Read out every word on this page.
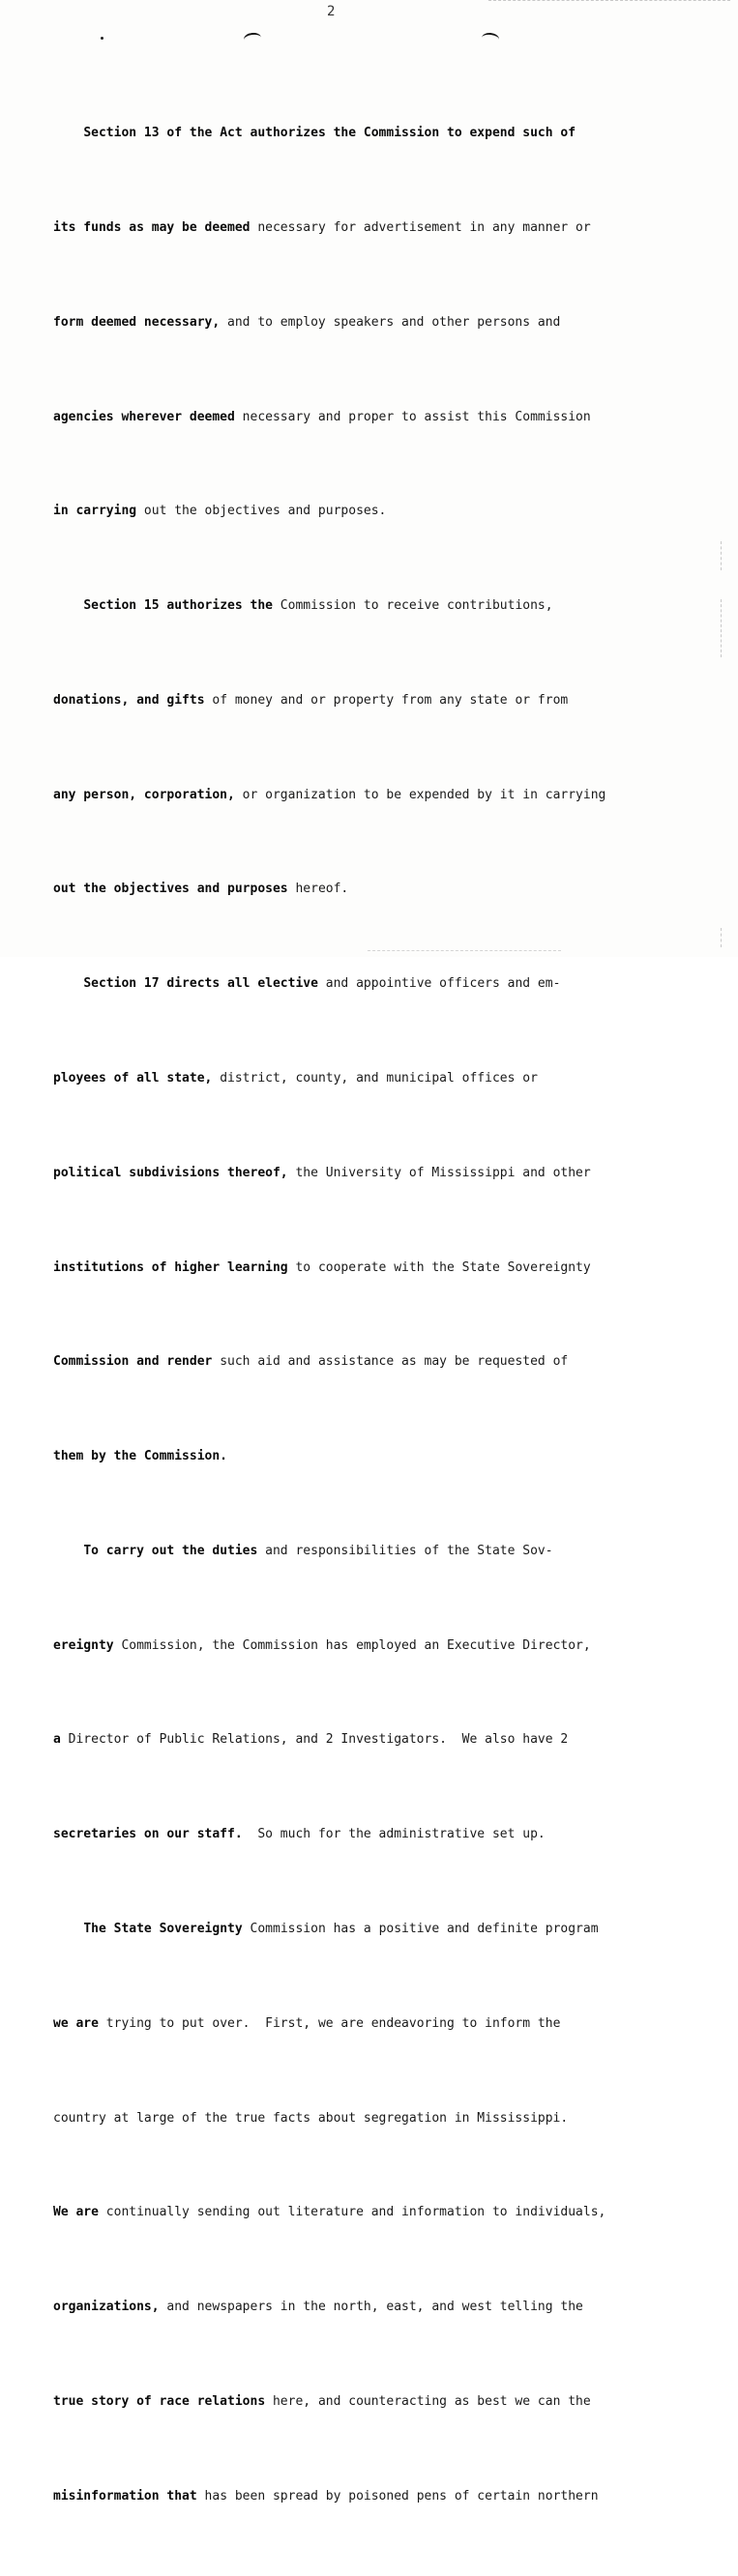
2

Section 13 of the Act authorizes the Commission to expend such of

its funds as may be deemed necessary for advertisement in any manner or

form deemed necessary, and to employ speakers and other persons and

agencies wherever deemed necessary and proper to assist this Commission

in carrying out the objectives and purposes.

Section 15 authorizes the Commission to receive contributions,

donations, and gifts of money and or property from any state or from

any person, corporation, or organization to be expended by it in carrying

out the objectives and purposes hereof.

Section 17 directs all elective and appointive officers and em-

ployees of all state, district, county, and municipal offices or

political subdivisions thereof, the University of Mississippi and other

institutions of higher learning to cooperate with the State Sovereignty

Commission and render such aid and assistance as may be requested of

them by the Commission.

To carry out the duties and responsibilities of the State Sov-

ereignty Commission, the Commission has employed an Executive Director,

a Director of Public Relations, and 2 Investigators.  We also have 2

secretaries on our staff.  So much for the administrative set up.

The State Sovereignty Commission has a positive and definite program

we are trying to put over.  First, we are endeavoring to inform the

country at large of the true facts about segregation in Mississippi.

We are continually sending out literature and information to individuals,

organizations, and newspapers in the north, east, and west telling the

true story of race relations here, and counteracting as best we can the

misinformation that has been spread by poisoned pens of certain northern
